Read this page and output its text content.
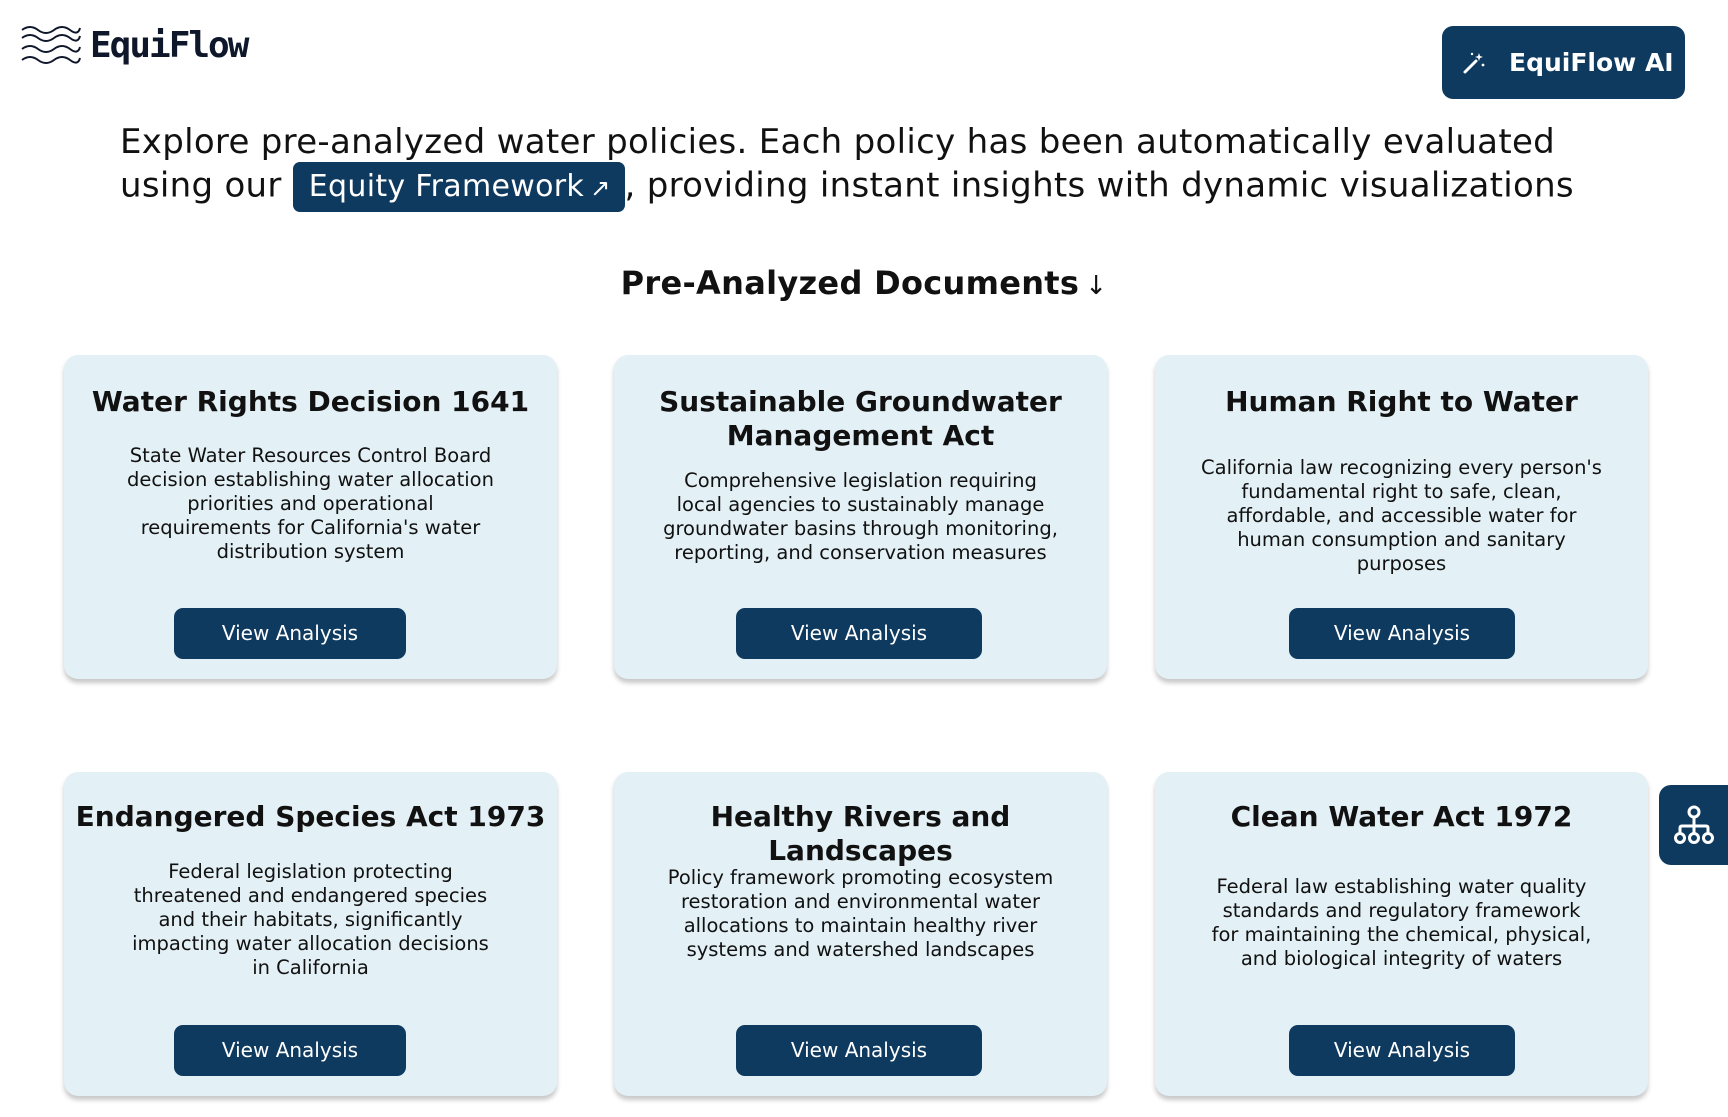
EquiFlow	EquiFlow AI
Explore pre-analyzed water policies. Each policy has been automatically evaluated
using our Equity Framework ↗ , providing instant insights with dynamic visualizations
Pre-Analyzed Documents ↓
Water Rights Decision 1641
State Water Resources Control Board
decision establishing water allocation
priorities and operational
requirements for California's water
distribution system
View Analysis
Sustainable Groundwater
Management Act
Comprehensive legislation requiring
local agencies to sustainably manage
groundwater basins through monitoring,
reporting, and conservation measures
View Analysis
Human Right to Water
California law recognizing every person's
fundamental right to safe, clean,
affordable, and accessible water for
human consumption and sanitary
purposes
View Analysis
Endangered Species Act 1973
Federal legislation protecting
threatened and endangered species
and their habitats, significantly
impacting water allocation decisions
in California
View Analysis
Healthy Rivers and Landscapes
Policy framework promoting ecosystem
restoration and environmental water
allocations to maintain healthy river
systems and watershed landscapes
View Analysis
Clean Water Act 1972
Federal law establishing water quality
standards and regulatory framework
for maintaining the chemical, physical,
and biological integrity of waters
View Analysis
